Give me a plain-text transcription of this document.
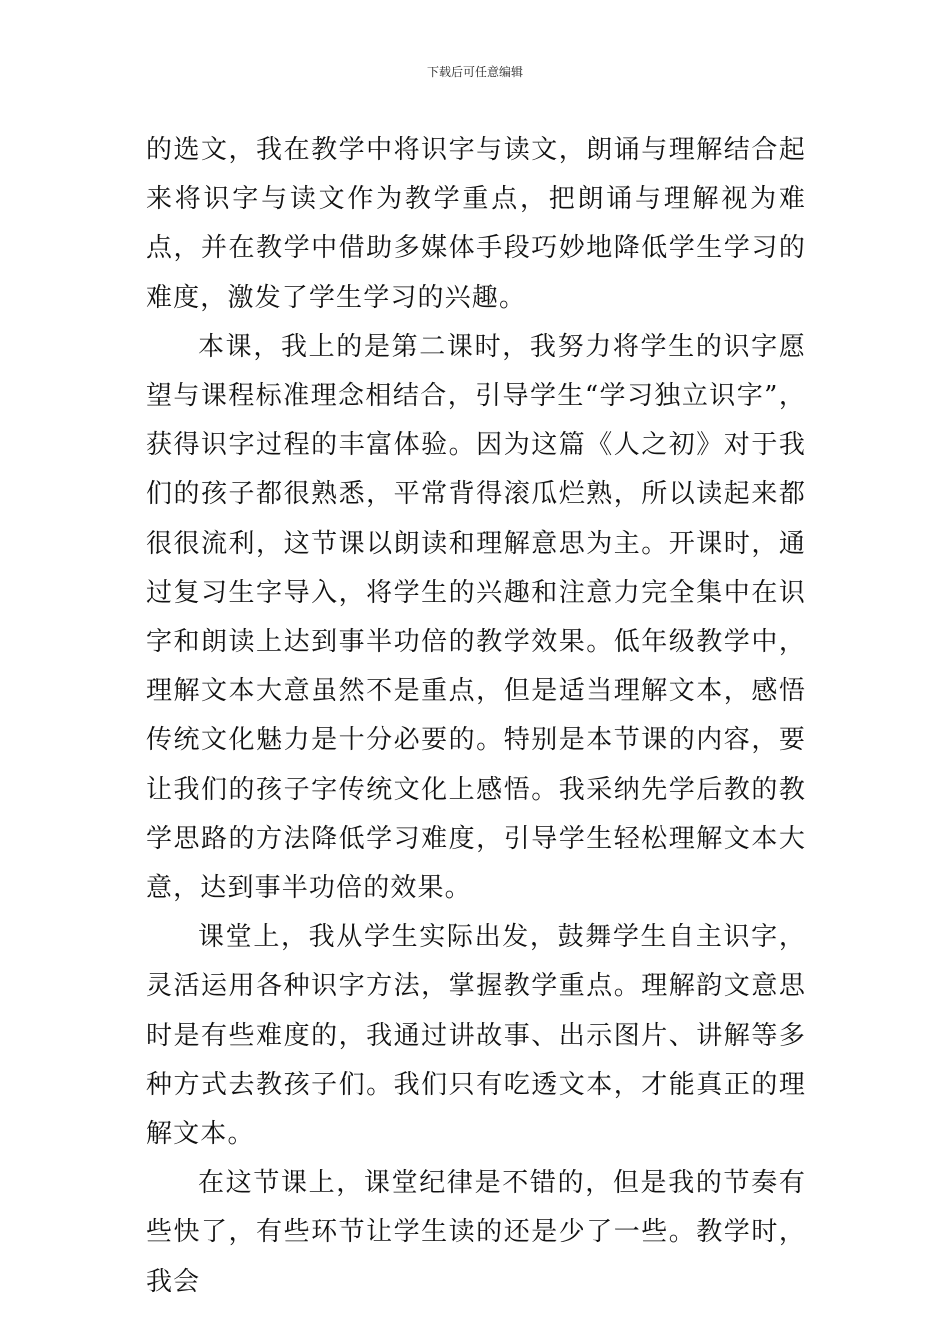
下载后可任意编辑

的选文，我在教学中将识字与读文，朗诵与理解结合起来将识字与读文作为教学重点，把朗诵与理解视为难点，并在教学中借助多媒体手段巧妙地降低学生学习的难度，激发了学生学习的兴趣。

本课，我上的是第二课时，我努力将学生的识字愿望与课程标准理念相结合，引导学生“学习独立识字”，获得识字过程的丰富体验。因为这篇《人之初》对于我们的孩子都很熟悉，平常背得滚瓜烂熟，所以读起来都很很流利，这节课以朗读和理解意思为主。开课时，通过复习生字导入，将学生的兴趣和注意力完全集中在识字和朗读上达到事半功倍的教学效果。低年级教学中，理解文本大意虽然不是重点，但是适当理解文本，感悟传统文化魅力是十分必要的。特别是本节课的内容，要让我们的孩子字传统文化上感悟。我采纳先学后教的教学思路的方法降低学习难度，引导学生轻松理解文本大意，达到事半功倍的效果。

课堂上，我从学生实际出发，鼓舞学生自主识字，灵活运用各种识字方法，掌握教学重点。理解韵文意思时是有些难度的，我通过讲故事、出示图片、讲解等多种方式去教孩子们。我们只有吃透文本，才能真正的理解文本。

在这节课上，课堂纪律是不错的，但是我的节奏有些快了，有些环节让学生读的还是少了一些。教学时，我会
